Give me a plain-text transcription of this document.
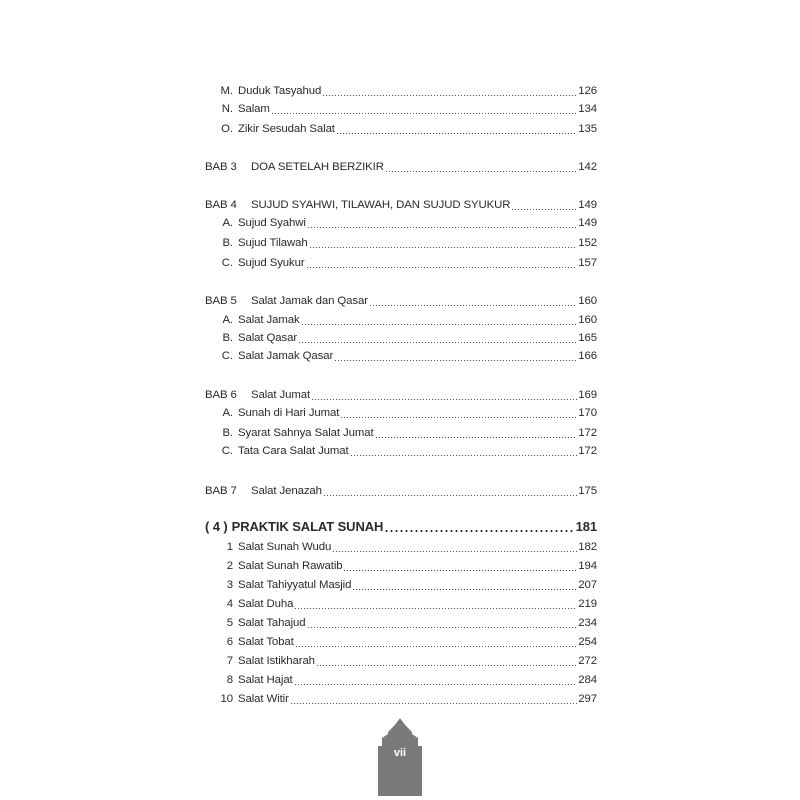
M. Duduk Tasyahud	126
N. Salam	134
O. Zikir Sesudah Salat	135
BAB 3	DOA SETELAH BERZIKIR	142
BAB 4	SUJUD SYAHWI, TILAWAH, DAN SUJUD SYUKUR	149
A. Sujud Syahwi	149
B. Sujud Tilawah	152
C. Sujud Syukur	157
BAB 5	Salat Jamak dan Qasar	160
A. Salat Jamak	160
B. Salat Qasar	165
C. Salat Jamak Qasar	166
BAB 6	Salat Jumat	169
A. Sunah di Hari Jumat	170
B. Syarat Sahnya Salat Jumat	172
C. Tata Cara Salat Jumat	172
BAB 7	Salat Jenazah	175
( 4 ) PRAKTIK SALAT SUNAH	181
1 Salat Sunah Wudu	182
2 Salat Sunah Rawatib	194
3 Salat Tahiyyatul Masjid	207
4 Salat Duha	219
5 Salat Tahajud	234
6 Salat Tobat	254
7 Salat Istikharah	272
8 Salat Hajat	284
10 Salat Witir	297
vii
